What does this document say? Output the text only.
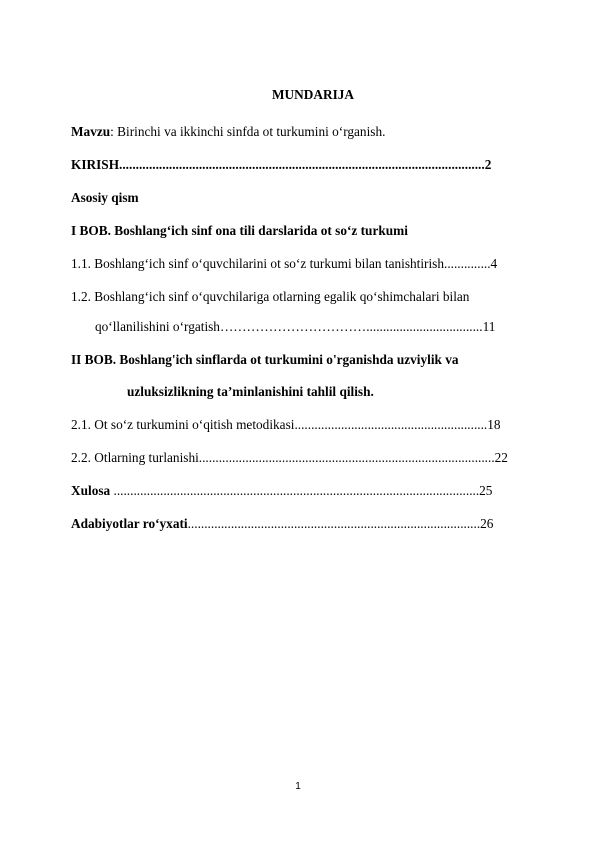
MUNDARIJA
Mavzu: Birinchi va ikkinchi sinfda ot turkumini o‘rganish.
KIRISH..............................................................................................................2
Asosiy qism
I BOB. Boshlang‘ich sinf ona tili darslarida ot so‘z turkumi
1.1. Boshlang‘ich sinf o‘quvchilarini ot so‘z turkumi bilan tanishtirish..............4
1.2. Boshlang‘ich sinf o‘quvchilariga otlarning egalik qo‘shimchalari bilan
qo‘llanilishini o‘rgatish……………………………...................................11
II BOB. Boshlang'ich sinflarda ot turkumini o'rganishda uzviylik va
uzluksizlikning ta’minlanishini tahlil qilish.
2.1. Ot so‘z turkumini o‘qitish metodikasi..........................................................18
2.2. Otlarning turlanishi.........................................................................................22
Xulosa ..............................................................................................................25
Adabiyotlar ro‘yxati........................................................................................26
1
